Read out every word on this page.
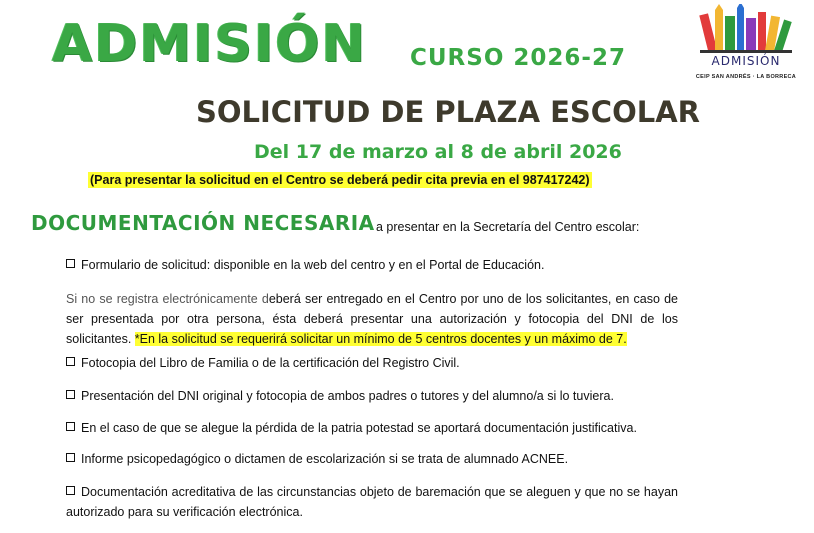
ADMISIÓN CURSO 2026-27	ADMISIÓN
CEIP SAN ANDRÉS · LA BORRECA
SOLICITUD DE PLAZA ESCOLAR
Del 17 de marzo al 8 de abril 2026
(Para presentar la solicitud en el Centro se deberá pedir cita previa en el 987417242)
DOCUMENTACIÓN NECESARIA a presentar en la Secretaría del Centro escolar:
Formulario de solicitud: disponible en la web del centro y en el Portal de Educación.
Si no se registra electrónicamente deberá ser entregado en el Centro por uno de los solicitantes, en caso de ser presentada por otra persona, ésta deberá presentar una autorización y fotocopia del DNI de los solicitantes. *En la solicitud se requerirá solicitar un mínimo de 5 centros docentes y un máximo de 7.
Fotocopia del Libro de Familia o de la certificación del Registro Civil.
Presentación del DNI original y fotocopia de ambos padres o tutores y del alumno/a si lo tuviera.
En el caso de que se alegue la pérdida de la patria potestad se aportará documentación justificativa.
Informe psicopedagógico o dictamen de escolarización si se trata de alumnado ACNEE.
Documentación acreditativa de las circunstancias objeto de baremación que se aleguen y que no se hayan autorizado para su verificación electrónica.
